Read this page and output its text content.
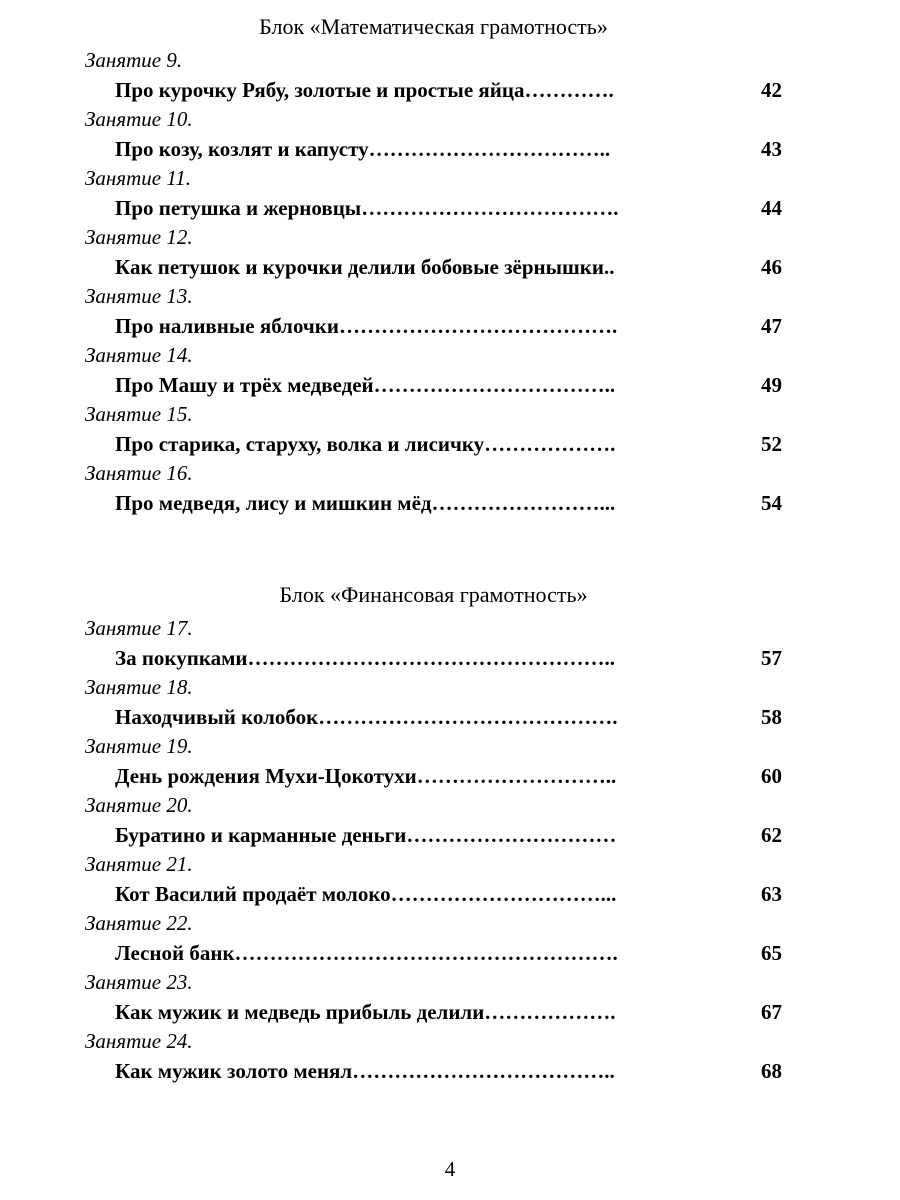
Блок «Математическая грамотность»
Занятие 9.
Про курочку Рябу, золотые и простые яйца………….	42
Занятие 10.
Про козу, козлят и капусту……………………………..	43
Занятие 11.
Про петушка и жерновцы……………………………….	44
Занятие 12.
Как петушок и курочки делили бобовые зёрнышки..	46
Занятие 13.
Про наливные яблочки………………………………….	47
Занятие 14.
Про Машу и трёх медведей……………………………..	49
Занятие 15.
Про старика, старуху, волка и лисичку……………….	52
Занятие 16.
Про медведя, лису и мишкин мёд……………………...	54
Блок «Финансовая грамотность»
Занятие 17.
За покупками……………………………………………..	57
Занятие 18.
Находчивый колобок…………………………………….	58
Занятие 19.
День рождения Мухи-Цокотухи………………………..	60
Занятие 20.
Буратино и карманные деньги…………………………	62
Занятие 21.
Кот Василий продаёт молоко…………………………...	63
Занятие 22.
Лесной банк……………………………………………….	65
Занятие 23.
Как мужик и медведь прибыль делили……………….	67
Занятие 24.
Как мужик золото менял………………………………..	68
4
